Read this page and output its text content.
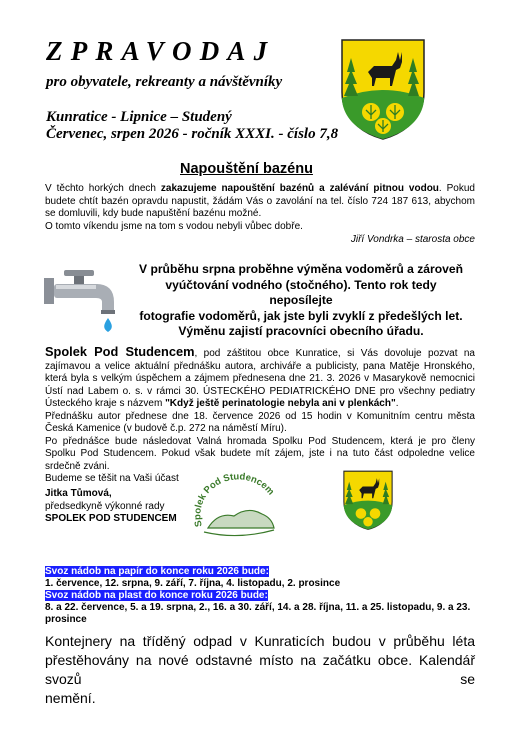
ZPRAVODAJ
pro obyvatele, rekreanty a návštěvníky
Kunratice - Lipnice – Studený
Červenec, srpen 2026 - ročník XXXI. - číslo 7,8
Napouštění bazénu
V těchto horkých dnech zakazujeme napouštění bazénů a zalévání pitnou vodou. Pokud budete chtít bazén opravdu napustit, žádám Vás o zavolání na tel. číslo 724 187 613, abychom se domluvili, kdy bude napuštění bazénu možné.
O tomto víkendu jsme na tom s vodou nebyli vůbec dobře.
Jiří Vondrka – starosta obce
V průběhu srpna proběhne výměna vodoměrů a zároveň
vyúčtování vodného (stočného). Tento rok tedy neposílejte
fotografie vodoměrů, jak jste byli zvyklí z předešlých let.
Výměnu zajistí pracovníci obecního úřadu.

Spolek Pod Studencem, pod záštitou obce Kunratice, si Vás dovoluje pozvat na zajímavou a velice aktuální přednášku autora, archiváře a publicisty, pana Matěje Hronského, která byla s velkým úspěchem a zájmem přednesena dne 21. 3. 2026 v Masarykově nemocnici Ústí nad Labem o. s. v rámci 30. ÚSTECKÉHO PEDIATRICKÉHO DNE pro všechny pediatry Ústeckého kraje s názvem "Když ještě perinatologie nebyla ani v plenkách".

Přednášku autor přednese dne 18. července 2026 od 15 hodin v Komunitním centru města Česká Kamenice (v budově č.p. 272 na náměstí Míru).

Po přednášce bude následovat Valná hromada Spolku Pod Studencem, která je pro členy Spolku Pod Studencem. Pokud však budete mít zájem, jste i na tuto část odpoledne velice srdečně zváni.

Budeme se těšit na Vaši účast

Jitka Tůmová,
předsedkyně výkonné rady
SPOLEK POD STUDENCEM Spolek Pod Studencem
Svoz nádob na papír do konce roku 2026 bude:
1. července, 12. srpna, 9. září, 7. října, 4. listopadu, 2. prosince
Svoz nádob na plast do konce roku 2026 bude:
8. a 22. července, 5. a 19. srpna, 2., 16. a 30. září, 14. a 28. října, 11. a 25. listopadu, 9. a 23.
prosince
Kontejnery na tříděný odpad v Kunraticích budou v průběhu léta
přestěhovány na nové odstavné místo na začátku obce. Kalendář svozů se
nemění.
